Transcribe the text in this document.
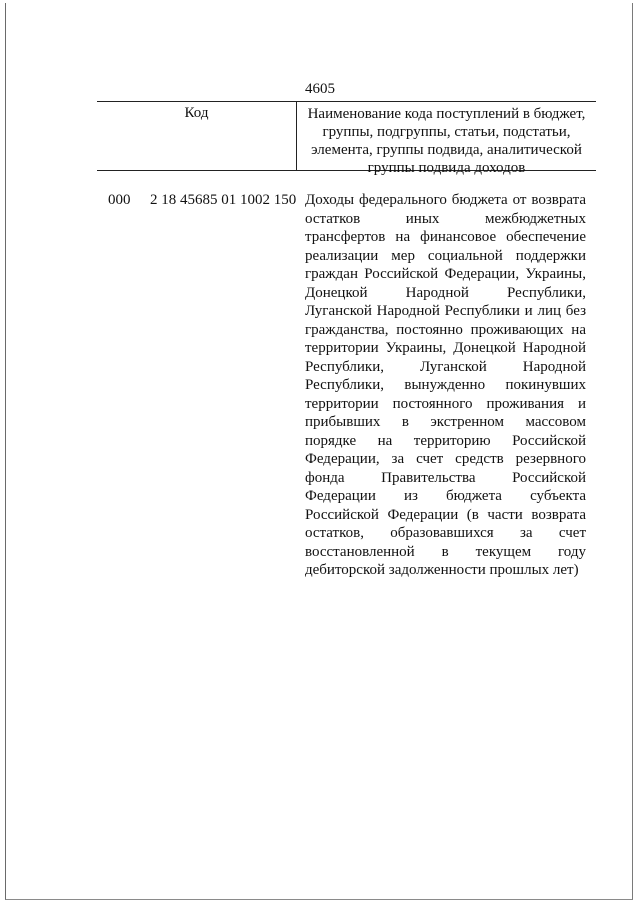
4605
Код	Наименование кода поступлений в бюджет, группы, подгруппы, статьи, подстатьи, элемента, группы подвида, аналитической группы подвида доходов
000 2 18 45685 01 1002 150 Доходы федерального бюджета от возврата остатков иных межбюджетных трансфертов на финансовое обеспечение реализации мер социальной поддержки граждан Российской Федерации, Украины, Донецкой Народной Республики, Луганской Народной Республики и лиц без гражданства, постоянно проживающих на территории Украины, Донецкой Народной Республики, Луганской Народной Республики, вынужденно покинувших территории постоянного проживания и прибывших в экстренном массовом порядке на территорию Российской Федерации, за счет средств резервного фонда Правительства Российской Федерации из бюджета субъекта Российской Федерации (в части возврата остатков, образовавшихся за счет восстановленной в текущем году дебиторской задолженности прошлых лет)
